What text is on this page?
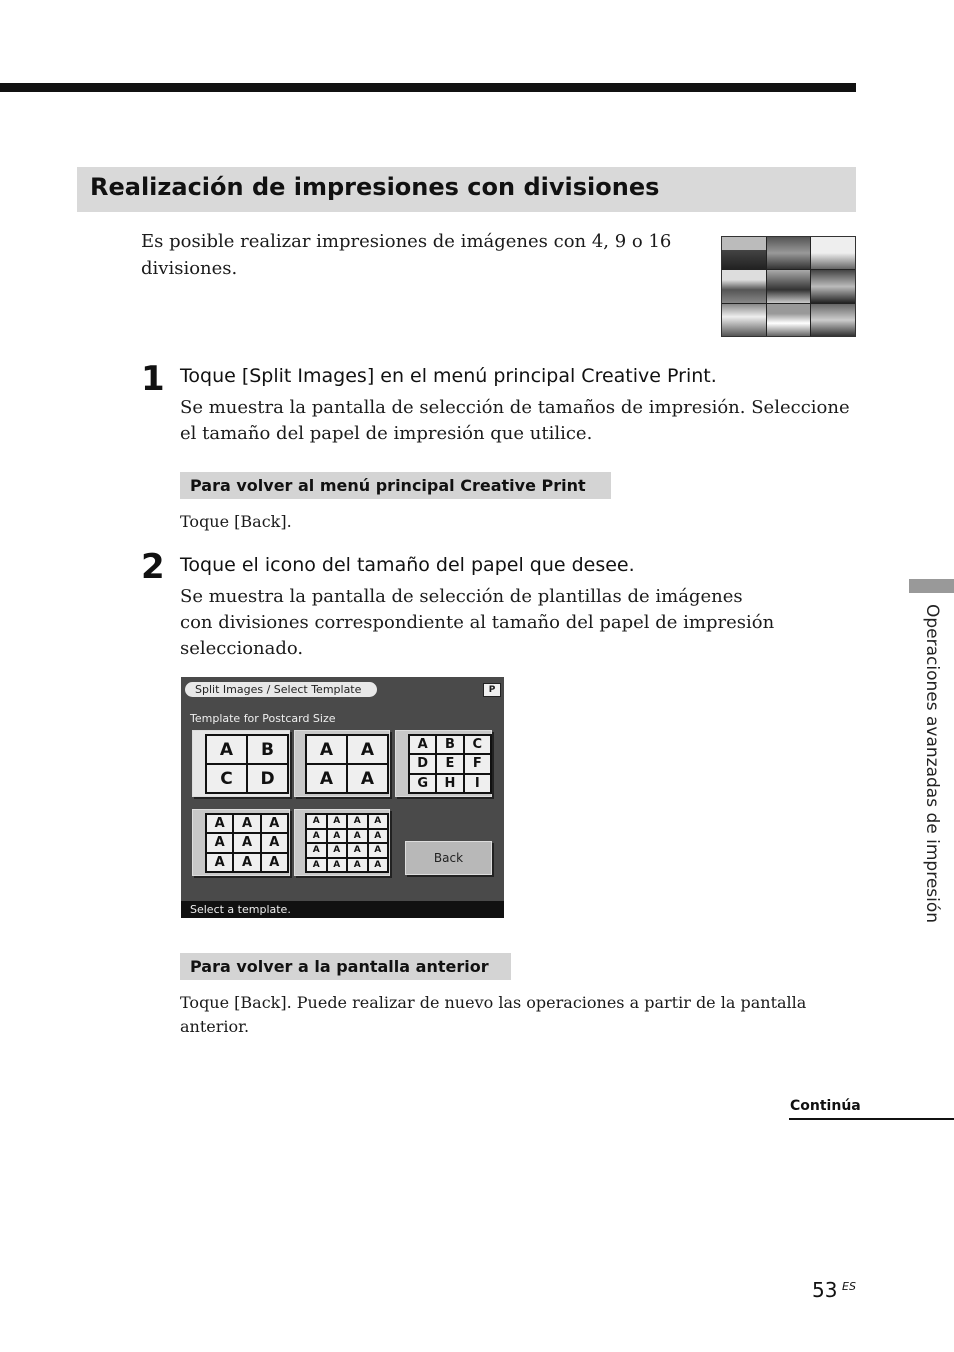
Realización de impresiones con divisiones
Es posible realizar impresiones de imágenes con 4, 9 o 16 divisiones.
1 Toque [Split Images] en el menú principal Creative Print.
Se muestra la pantalla de selección de tamaños de impresión. Seleccione el tamaño del papel de impresión que utilice.
Para volver al menú principal Creative Print
Toque [Back].
2 Toque el icono del tamaño del papel que desee.
Se muestra la pantalla de selección de plantillas de imágenes con divisiones correspondiente al tamaño del papel de impresión seleccionado.
Split Images / Select Template	P
Template for Postcard Size
A	B
C	D
A	A
A	A
A	B	C
D	E	F
G	H	I
A	A	A
A	A	A
A	A	A
A	A	A	A
A	A	A	A
A	A	A	A
A	A	A	A	Back
Select a template.
Para volver a la pantalla anterior
Toque [Back]. Puede realizar de nuevo las operaciones a partir de la pantalla anterior.
Operaciones avanzadas de impresión
Continúa
53 ES
